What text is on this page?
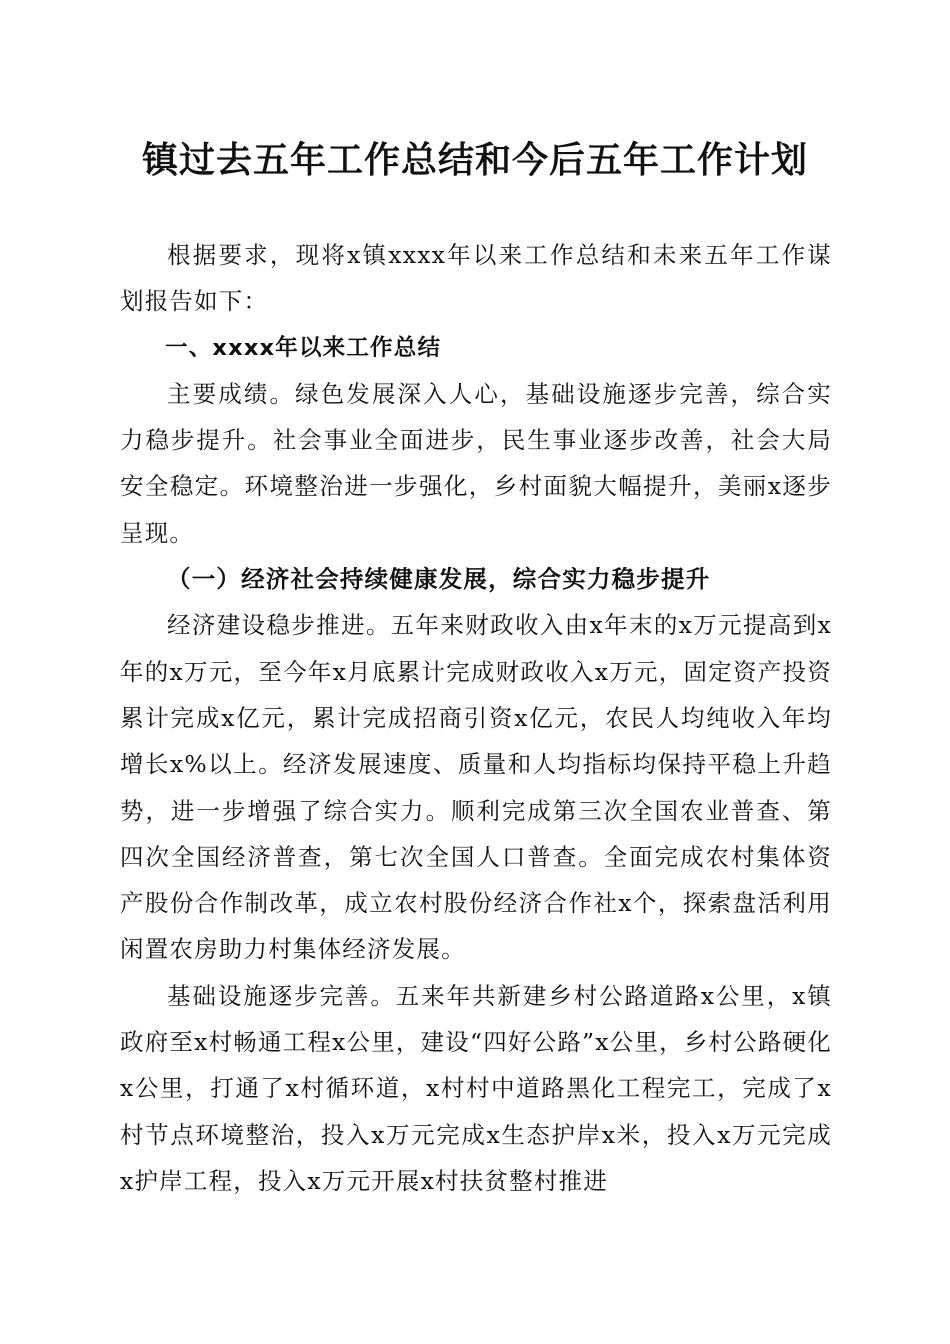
镇过去五年工作总结和今后五年工作计划

根据要求，现将x镇xxxx年以来工作总结和未来五年工作谋划报告如下：

一、xxxx年以来工作总结

主要成绩。绿色发展深入人心，基础设施逐步完善，综合实力稳步提升。社会事业全面进步，民生事业逐步改善，社会大局安全稳定。环境整治进一步强化，乡村面貌大幅提升，美丽x逐步呈现。

（一）经济社会持续健康发展，综合实力稳步提升

经济建设稳步推进。五年来财政收入由x年末的x万元提高到x年的x万元，至今年x月底累计完成财政收入x万元，固定资产投资累计完成x亿元，累计完成招商引资x亿元，农民人均纯收入年均增长x%以上。经济发展速度、质量和人均指标均保持平稳上升趋势，进一步增强了综合实力。顺利完成第三次全国农业普查、第四次全国经济普查，第七次全国人口普查。全面完成农村集体资产股份合作制改革，成立农村股份经济合作社x个，探索盘活利用闲置农房助力村集体经济发展。

基础设施逐步完善。五来年共新建乡村公路道路x公里，x镇政府至x村畅通工程x公里，建设“四好公路”x公里，乡村公路硬化x公里，打通了x村循环道，x村村中道路黑化工程完工，完成了x村节点环境整治，投入x万元完成x生态护岸x米，投入x万元完成x护岸工程，投入x万元开展x村扶贫整村推进
